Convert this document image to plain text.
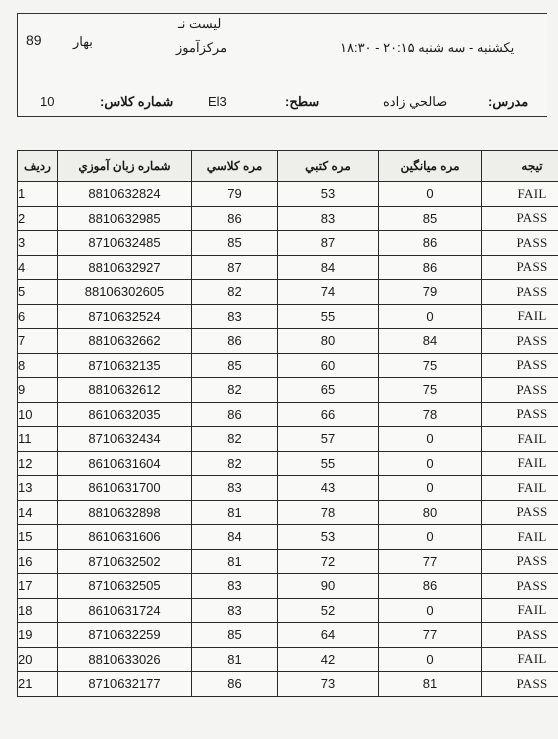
89 بهار
ليست نـ
مركزآموز	يكشنبه - سه شنبه ۲۰:۱۵ - ۱۸:۳۰
10	شماره كلاس:	El3	سطح:	صالحي زاده	مدرس:
رديف	شماره زبان آموزي	مره كلاسي	مره كتبي	مره ميانگين	تيجه
1	8810632824	79	53	0	FAIL
2	8810632985	86	83	85	PASS
3	8710632485	85	87	86	PASS
4	8810632927	87	84	86	PASS
5	88106302605	82	74	79	PASS
6	8710632524	83	55	0	FAIL
7	8810632662	86	80	84	PASS
8	8710632135	85	60	75	PASS
9	8810632612	82	65	75	PASS
10	8610632035	86	66	78	PASS
11	8710632434	82	57	0	FAIL
12	8610631604	82	55	0	FAIL
13	8610631700	83	43	0	FAIL
14	8810632898	81	78	80	PASS
15	8610631606	84	53	0	FAIL
16	8710632502	81	72	77	PASS
17	8710632505	83	90	86	PASS
18	8610631724	83	52	0	FAIL
19	8710632259	85	64	77	PASS
20	8810633026	81	42	0	FAIL
21	8710632177	86	73	81	PASS
